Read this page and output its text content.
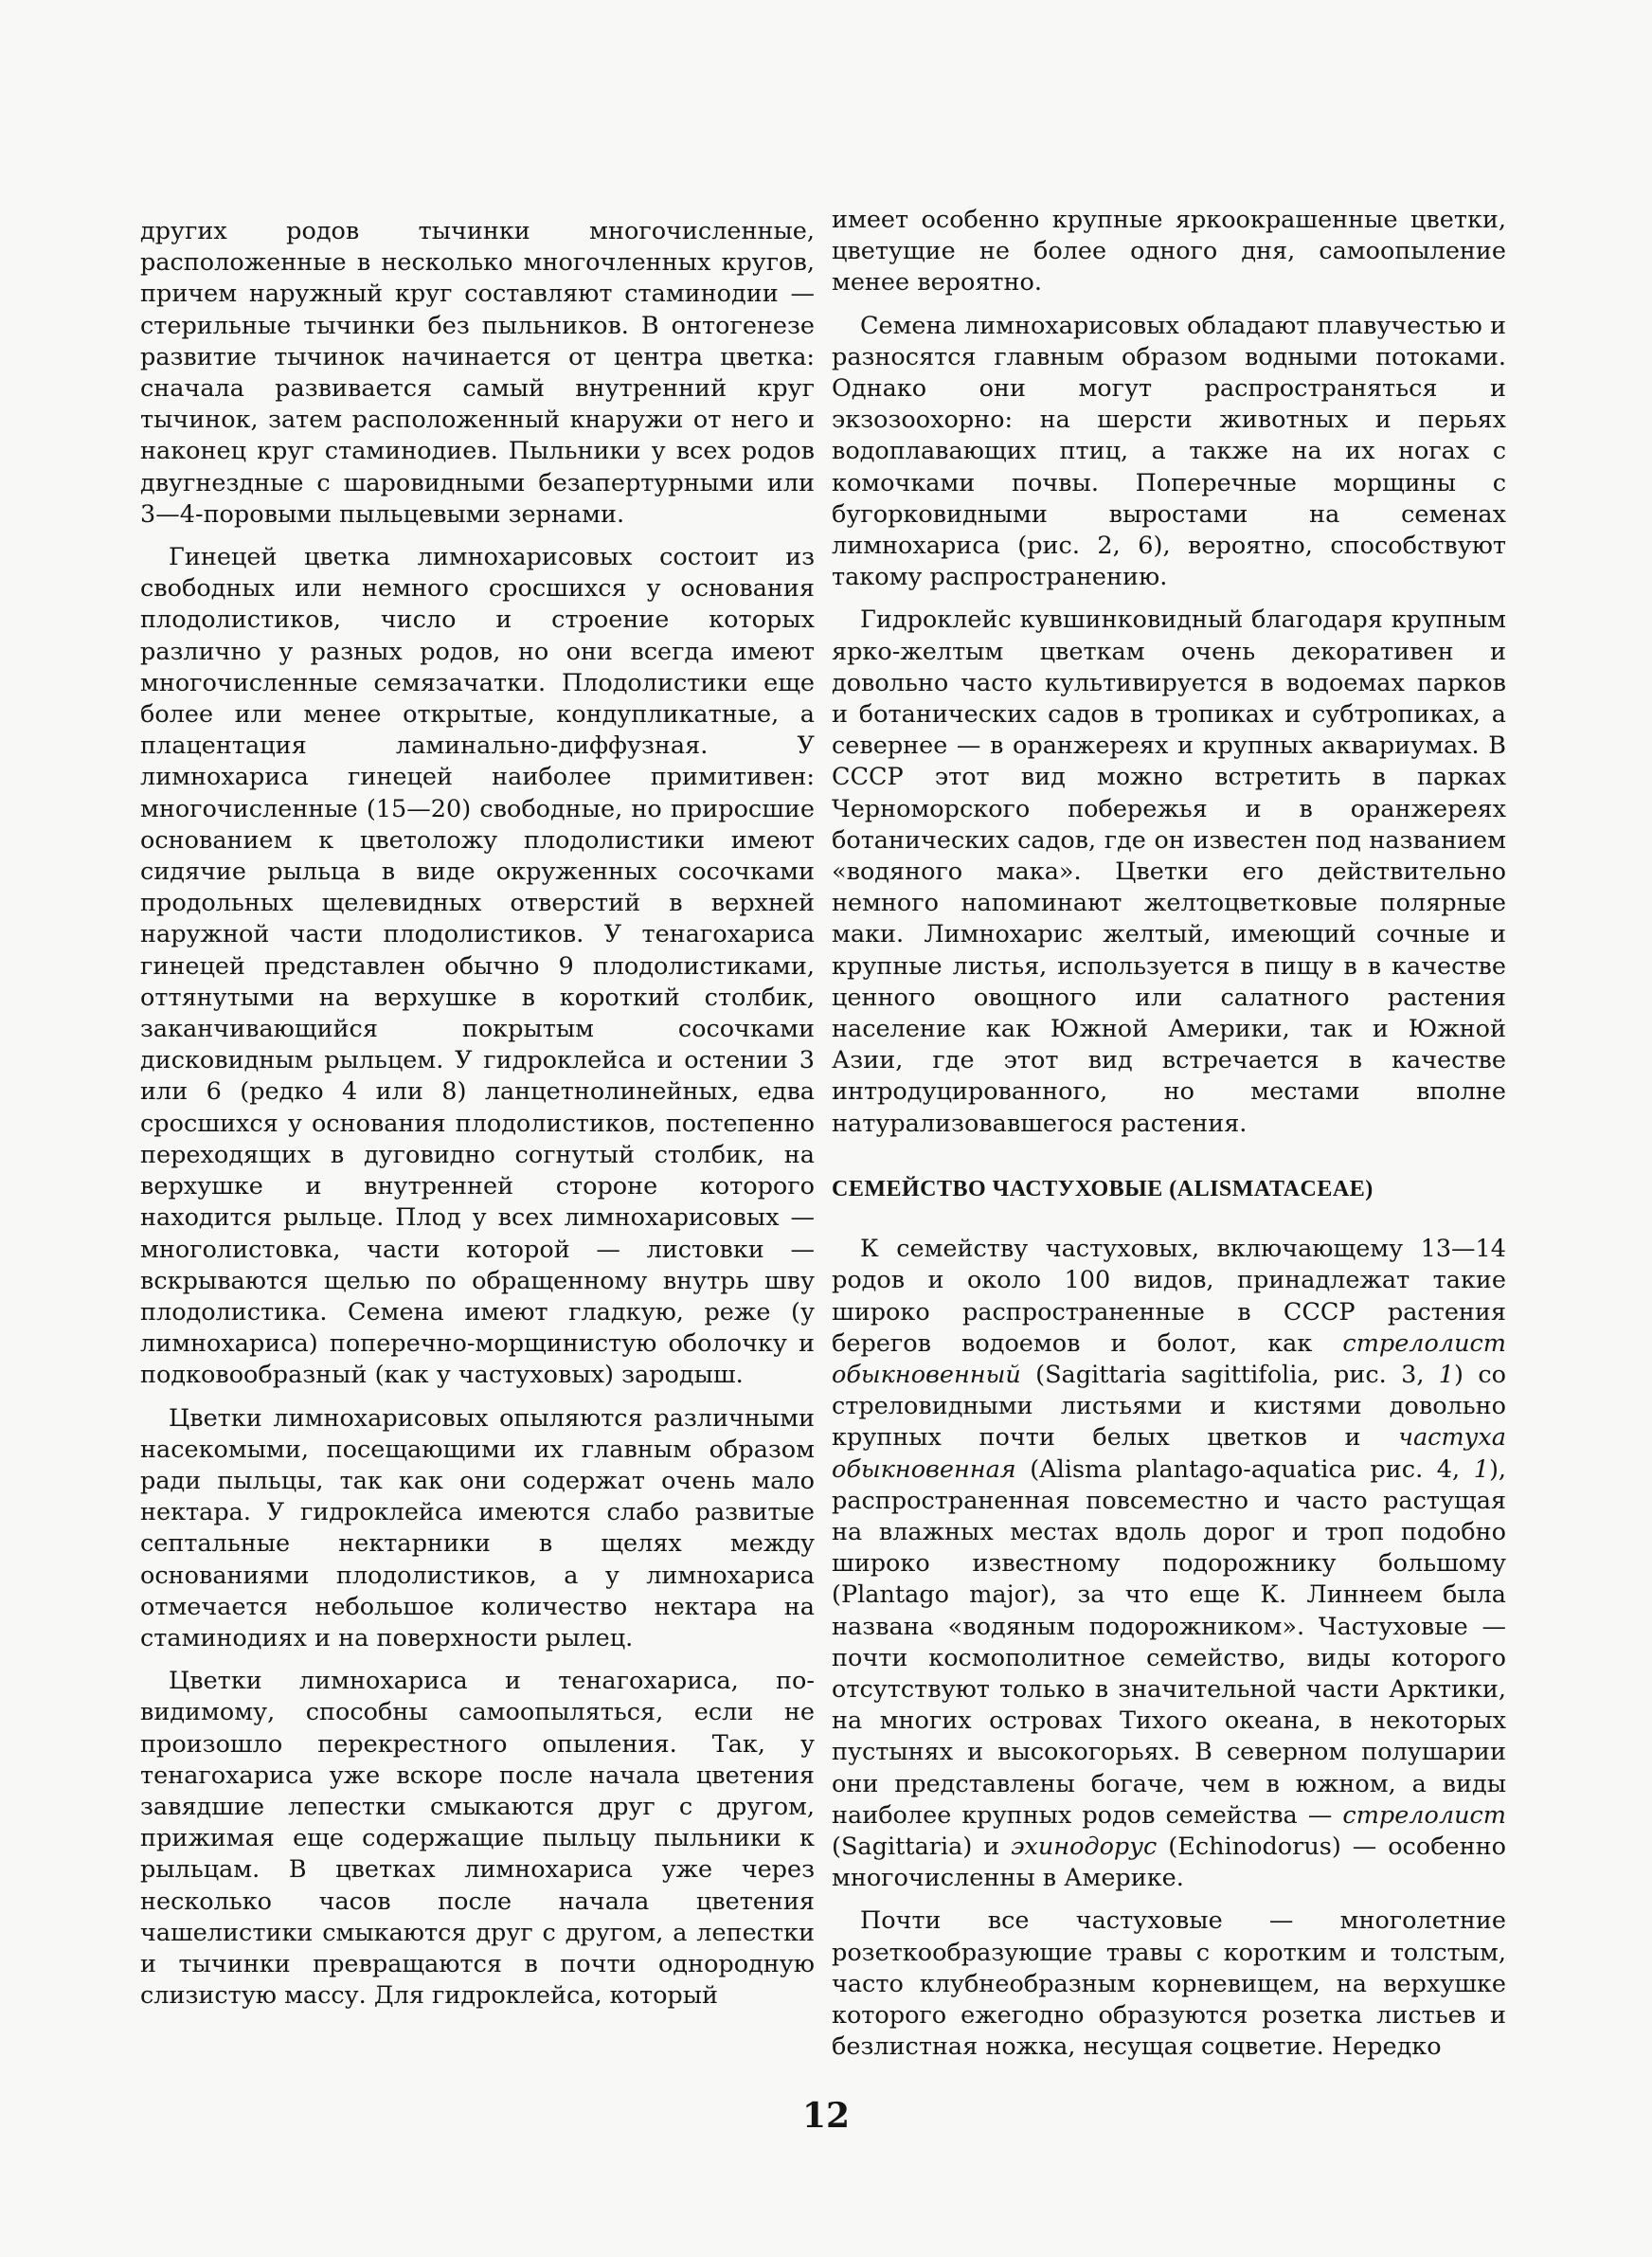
других родов тычинки многочисленные, расположенные в несколько многочленных кругов, причем наружный круг составляют стаминодии — стерильные тычинки без пыльников. В онтогенезе развитие тычинок начинается от центра цветка: сначала развивается самый внутренний круг тычинок, затем расположенный кнаружи от него и наконец круг стаминодиев. Пыльники у всех родов двугнездные с шаровидными безапертурными или 3—4-поровыми пыльцевыми зернами.

Гинецей цветка лимнохарисовых состоит из свободных или немного сросшихся у основания плодолистиков, число и строение которых различно у разных родов, но они всегда имеют многочисленные семязачатки. Плодолистики еще более или менее открытые, кондупликатные, а плацентация ламинально-диффузная. У лимнохариса гинецей наиболее примитивен: многочисленные (15—20) свободные, но приросшие основанием к цветоложу плодолистики имеют сидячие рыльца в виде окруженных сосочками продольных щелевидных отверстий в верхней наружной части плодолистиков. У тенагохариса гинецей представлен обычно 9 плодолистиками, оттянутыми на верхушке в короткий столбик, заканчивающийся покрытым сосочками дисковидным рыльцем. У гидроклейса и остении 3 или 6 (редко 4 или 8) ланцетнолинейных, едва сросшихся у основания плодолистиков, постепенно переходящих в дуговидно согнутый столбик, на верхушке и внутренней стороне которого находится рыльце. Плод у всех лимнохарисовых — многолистовка, части которой — листовки — вскрываются щелью по обращенному внутрь шву плодолистика. Семена имеют гладкую, реже (у лимнохариса) поперечно-морщинистую оболочку и подковообразный (как у частуховых) зародыш.

Цветки лимнохарисовых опыляются различными насекомыми, посещающими их главным образом ради пыльцы, так как они содержат очень мало нектара. У гидроклейса имеются слабо развитые септальные нектарники в щелях между основаниями плодолистиков, а у лимнохариса отмечается небольшое количество нектара на стаминодиях и на поверхности рылец.

Цветки лимнохариса и тенагохариса, по-видимому, способны самоопыляться, если не произошло перекрестного опыления. Так, у тенагохариса уже вскоре после начала цветения завядшие лепестки смыкаются друг с другом, прижимая еще содержащие пыльцу пыльники к рыльцам. В цветках лимнохариса уже через несколько часов после начала цветения чашелистики смыкаются друг с другом, а лепестки и тычинки превращаются в почти однородную слизистую массу. Для гидроклейса, который

имеет особенно крупные яркоокрашенные цветки, цветущие не более одного дня, самоопыление менее вероятно.

Семена лимнохарисовых обладают плавучестью и разносятся главным образом водными потоками. Однако они могут распространяться и экзозоохорно: на шерсти животных и перьях водоплавающих птиц, а также на их ногах с комочками почвы. Поперечные морщины с бугорковидными выростами на семенах лимнохариса (рис. 2, 6), вероятно, способствуют такому распространению.

Гидроклейс кувшинковидный благодаря крупным ярко-желтым цветкам очень декоративен и довольно часто культивируется в водоемах парков и ботанических садов в тропиках и субтропиках, а севернее — в оранжереях и крупных аквариумах. В СССР этот вид можно встретить в парках Черноморского побережья и в оранжереях ботанических садов, где он известен под названием «водяного мака». Цветки его действительно немного напоминают желтоцветковые полярные маки. Лимнохарис желтый, имеющий сочные и крупные листья, используется в пищу в в качестве ценного овощного или салатного растения население как Южной Америки, так и Южной Азии, где этот вид встречается в качестве интродуцированного, но местами вполне натурализовавшегося растения.

СЕМЕЙСТВО ЧАСТУХОВЫЕ (ALISMATACEAE)

К семейству частуховых, включающему 13—14 родов и около 100 видов, принадлежат такие широко распространенные в СССР растения берегов водоемов и болот, как стрелолист обыкновенный (Sagittaria sagittifolia, рис. 3, 1) со стреловидными листьями и кистями довольно крупных почти белых цветков и частуха обыкновенная (Alisma plantago-aquatica рис. 4, 1), распространенная повсеместно и часто растущая на влажных местах вдоль дорог и троп подобно широко известному подорожнику большому (Plantago major), за что еще К. Линнеем была названа «водяным подорожником». Частуховые — почти космополитное семейство, виды которого отсутствуют только в значительной части Арктики, на многих островах Тихого океана, в некоторых пустынях и высокогорьях. В северном полушарии они представлены богаче, чем в южном, а виды наиболее крупных родов семейства — стрелолист (Sagittaria) и эхинодорус (Echinodorus) — особенно многочисленны в Америке.

Почти все частуховые — многолетние розеткообразующие травы с коротким и толстым, часто клубнеобразным корневищем, на верхушке которого ежегодно образуются розетка листьев и безлистная ножка, несущая соцветие. Нередко

12
